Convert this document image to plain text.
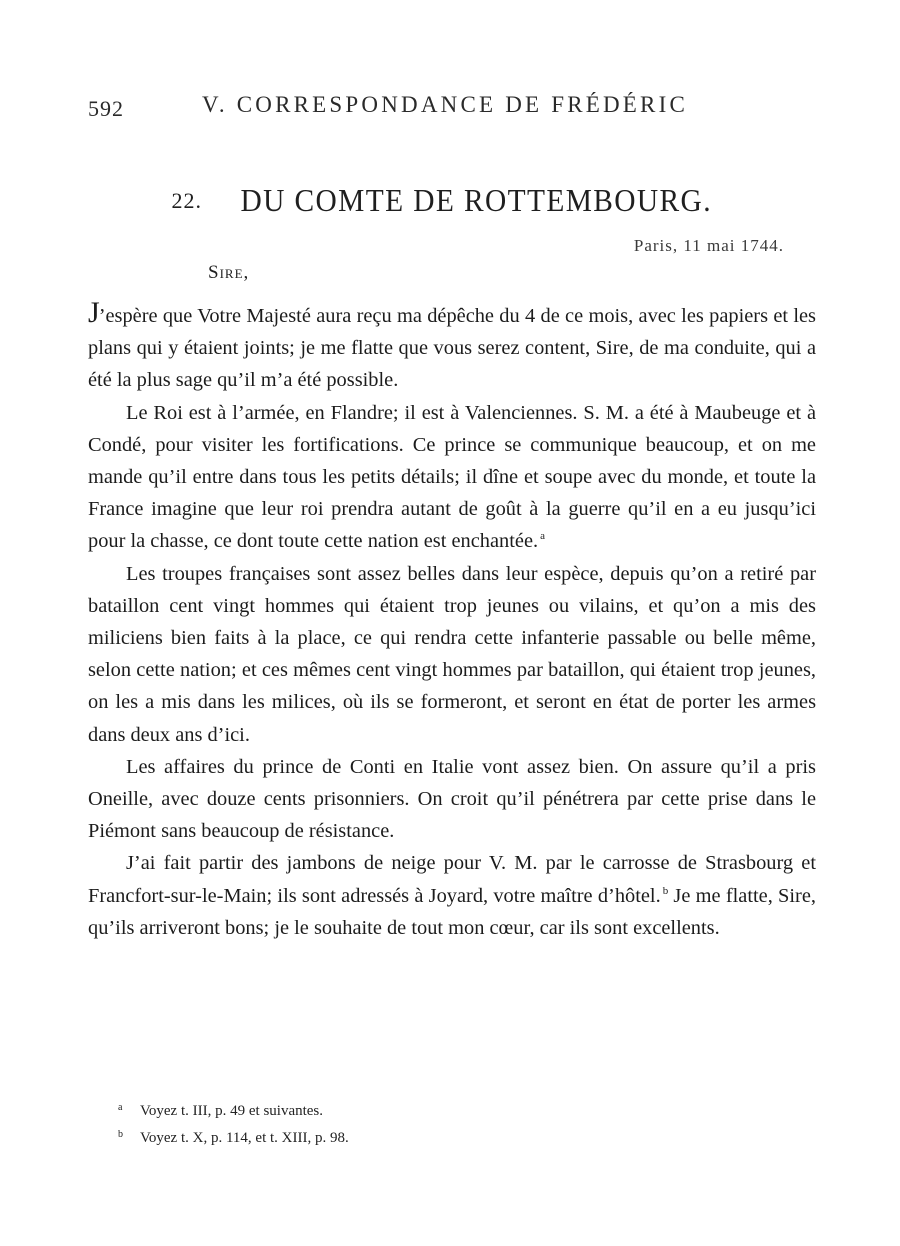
592	V. CORRESPONDANCE DE FRÉDÉRIC
22. DU COMTE DE ROTTEMBOURG.
Paris, 11 mai 1744.
Sire,

J’espère que Votre Majesté aura reçu ma dépêche du 4 de ce mois, avec les papiers et les plans qui y étaient joints; je me flatte que vous serez content, Sire, de ma conduite, qui a été la plus sage qu’il m’a été possible.

Le Roi est à l’armée, en Flandre; il est à Valenciennes. S. M. a été à Maubeuge et à Condé, pour visiter les fortifications. Ce prince se communique beaucoup, et on me mande qu’il entre dans tous les petits détails; il dîne et soupe avec du monde, et toute la France imagine que leur roi prendra autant de goût à la guerre qu’il en a eu jusqu’ici pour la chasse, ce dont toute cette nation est enchantée. $^a$

Les troupes françaises sont assez belles dans leur espèce, depuis qu’on a retiré par bataillon cent vingt hommes qui étaient trop jeunes ou vilains, et qu’on a mis des miliciens bien faits à la place, ce qui rendra cette infanterie passable ou belle même, selon cette nation; et ces mêmes cent vingt hommes par bataillon, qui étaient trop jeunes, on les a mis dans les milices, où ils se formeront, et seront en état de porter les armes dans deux ans d’ici.

Les affaires du prince de Conti en Italie vont assez bien. On assure qu’il a pris Oneille, avec douze cents prisonniers. On croit qu’il pénétrera par cette prise dans le Piémont sans beaucoup de résistance.

J’ai fait partir des jambons de neige pour V. M. par le carrosse de Strasbourg et Francfort-sur-le-Main; ils sont adressés à Joyard, votre maître d’hôtel. $^b$ Je me flatte, Sire, qu’ils arriveront bons; je le souhaite de tout mon cœur, car ils sont excellents.

a Voyez t. III, p. 49 et suivantes.
b Voyez t. X, p. 114, et t. XIII, p. 98.
